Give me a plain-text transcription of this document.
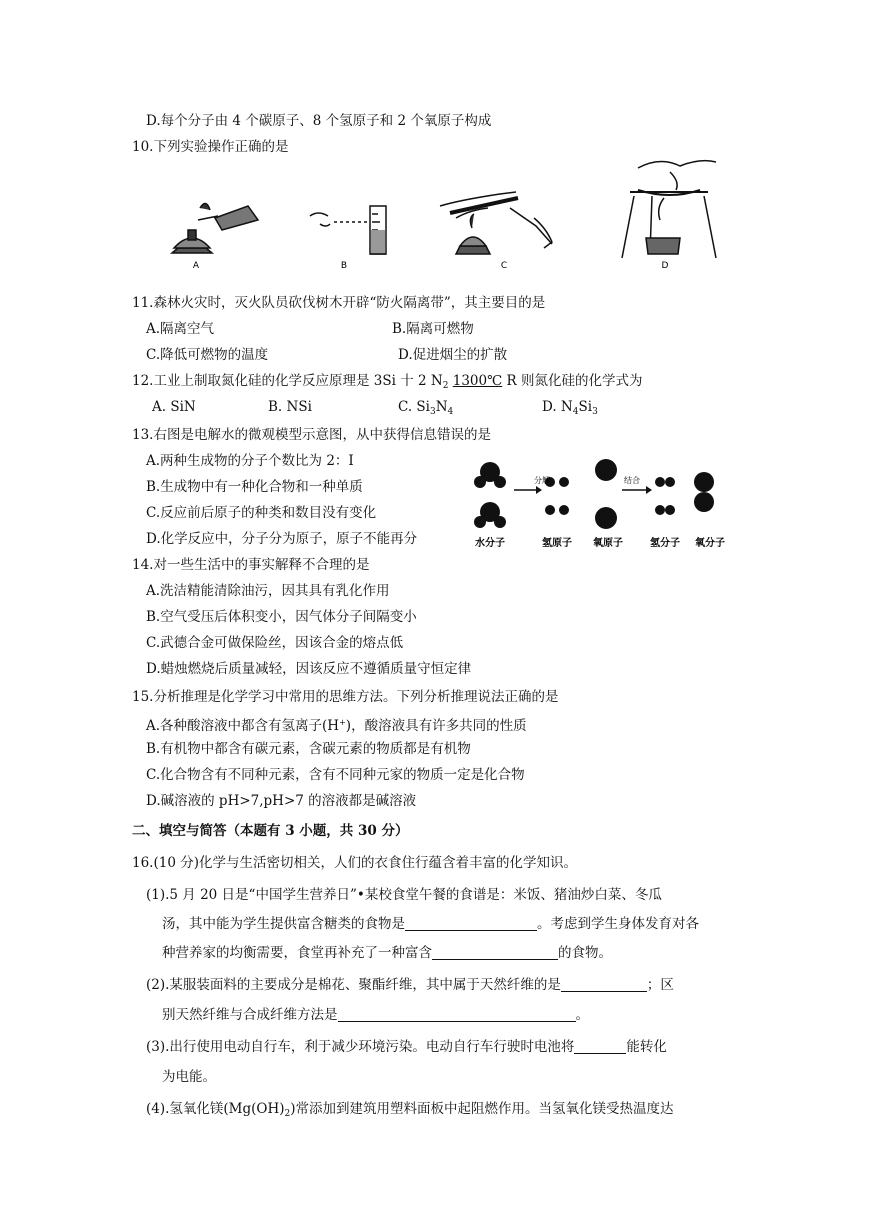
D.每个分子由 4 个碳原子、8 个氢原子和 2 个氧原子构成
10.下列实验操作正确的是
A	B	C	D
11.森林火灾时，灭火队员砍伐树木开辟“防火隔离带”，其主要目的是
A.隔离空气	B.隔离可燃物
C.降低可燃物的温度	D.促进烟尘的扩散
12.工业上制取氮化硅的化学反应原理是 3Si 十 2 $N_2$ 1300℃ R 则氮化硅的化学式为
A. SiN	B. NSi	C. $Si_3N_4$	D. $N_4Si_3$
13.右图是电解水的微观模型示意图，从中获得信息错误的是
A.两种生成物的分子个数比为 2：I
B.生成物中有一种化合物和一种单质
C.反应前后原子的种类和数目没有变化
D.化学反应中，分子分为原子，原子不能再分
分解	结合
水分子	氢原子 氧原子	氢分子 氧分子
14.对一些生活中的事实解释不合理的是
A.洗洁精能清除油污，因其具有乳化作用
B.空气受压后体积变小，因气体分子间隔变小
C.武德合金可做保险丝，因该合金的熔点低
D.蜡烛燃烧后质量减轻，因该反应不遵循质量守恒定律
15.分析推理是化学学习中常用的思维方法。下列分析推理说法正确的是
A.各种酸溶液中都含有氢离子(H+)，酸溶液具有许多共同的性质
B.有机物中都含有碳元素，含碳元素的物质都是有机物
C.化合物含有不同种元素，含有不同种元家的物质一定是化合物
D.碱溶液的 pH>7,pH>7 的溶液都是碱溶液
二、填空与简答（本题有 3 小题，共 30 分）
16.(10 分)化学与生活密切相关，人们的衣食住行蕴含着丰富的化学知识。
(1).5 月 20 日是“中国学生营养日”•某校食堂午餐的食谱是：米饭、猪油炒白菜、冬瓜
汤，其中能为学生提供富含糖类的食物是	。考虑到学生身体发育对各
种营养家的均衡需要，食堂再补充了一种富含	的食物。
(2).某服装面料的主要成分是棉花、聚酯纤维，其中属于天然纤维的是	；区
别天然纤维与合成纤维方法是	。
(3).出行使用电动自行车，利于减少环境污染。电动自行车行驶时电池将	能转化
为电能。
(4).氢氧化镁$(Mg(OH)_2)$常添加到建筑用塑料面板中起阻燃作用。当氢氧化镁受热温度达
